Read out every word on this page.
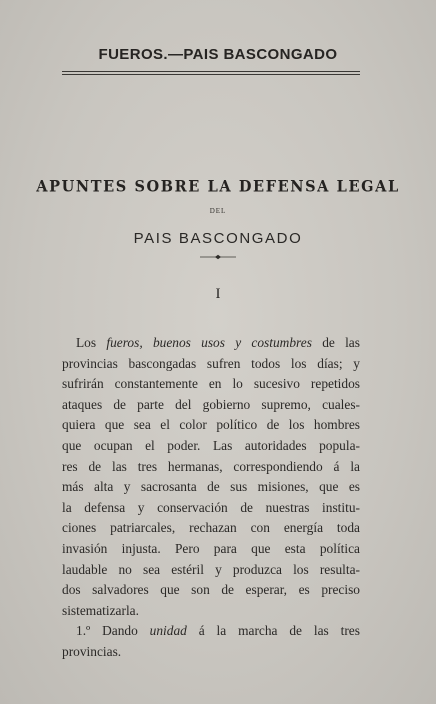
FUEROS.—PAIS BASCONGADO
APUNTES SOBRE LA DEFENSA LEGAL
DEL
PAIS BASCONGADO
I
Los fueros, buenos usos y costumbres de las
provincias bascongadas sufren todos los días; y
sufrirán constantemente en lo sucesivo repetidos
ataques de parte del gobierno supremo, cuales-
quiera que sea el color político de los hombres
que ocupan el poder. Las autoridades popula-
res de las tres hermanas, correspondiendo á la
más alta y sacrosanta de sus misiones, que es
la defensa y conservación de nuestras institu-
ciones patriarcales, rechazan con energía toda
invasión injusta. Pero para que esta política
laudable no sea estéril y produzca los resulta-
dos salvadores que son de esperar, es preciso
sistematizarla.
1.º Dando unidad á la marcha de las tres
provincias.
